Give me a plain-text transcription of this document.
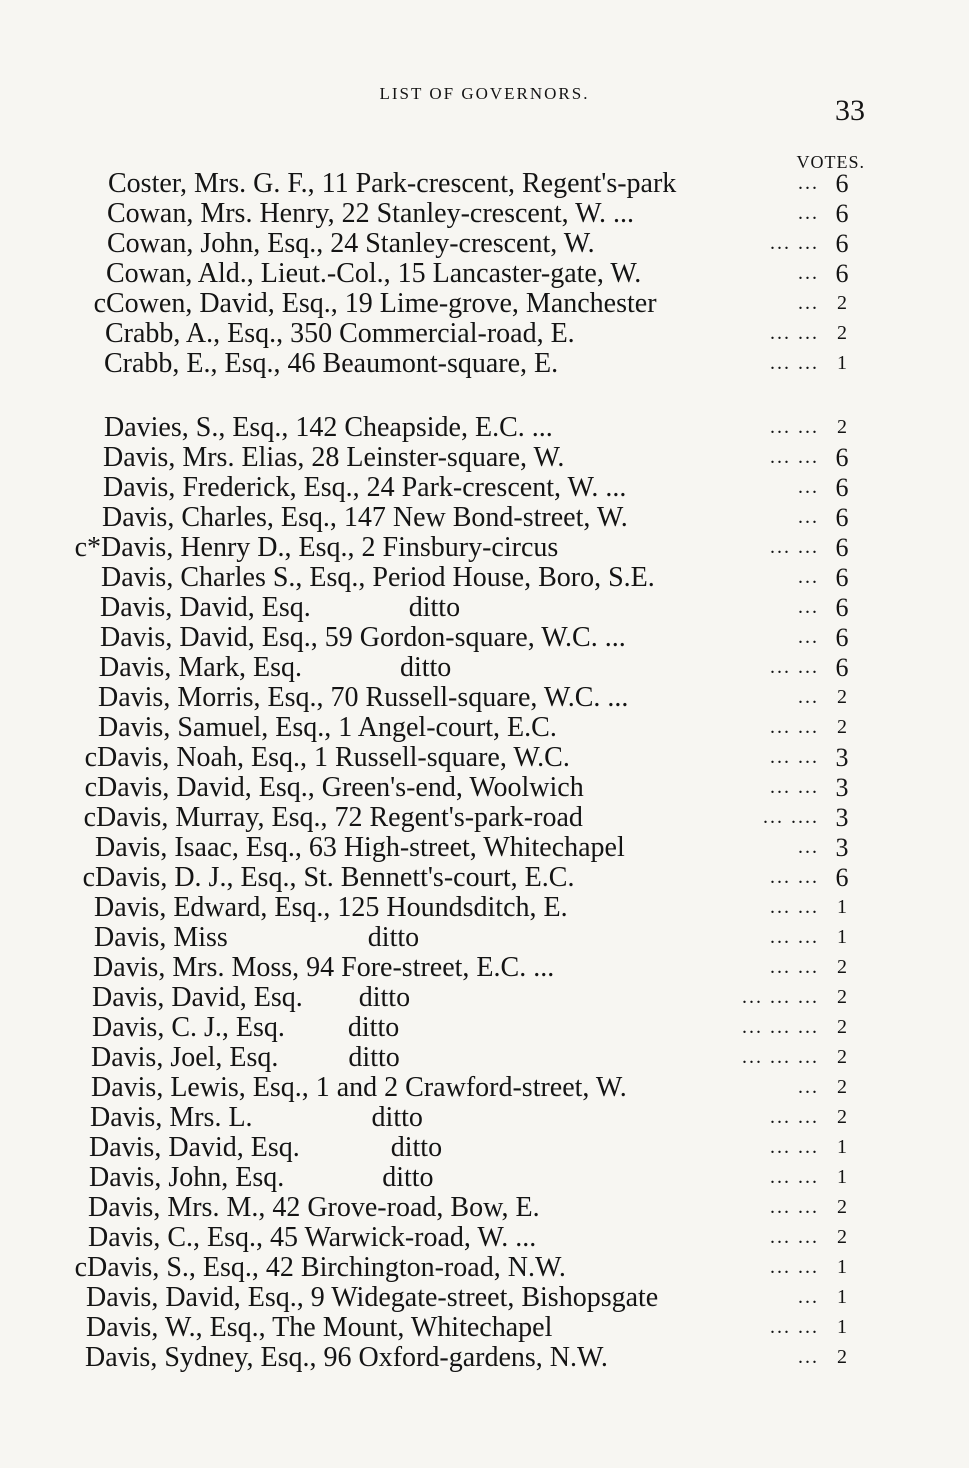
LIST OF GOVERNORS.
33
VOTES.
Coster, Mrs. G. F., 11 Park-crescent, Regent's-park	... 6
Cowan, Mrs. Henry, 22 Stanley-crescent, W. ...	... 6
Cowan, John, Esq., 24 Stanley-crescent, W.	... ... 6
Cowan, Ald., Lieut.-Col., 15 Lancaster-gate, W.	... 6
c Cowen, David, Esq., 19 Lime-grove, Manchester	... 2
Crabb, A., Esq., 350 Commercial-road, E.	... ... 2
Crabb, E., Esq., 46 Beaumont-square, E.	... ... 1
Davies, S., Esq., 142 Cheapside, E.C. ...	... ... 2
Davis, Mrs. Elias, 28 Leinster-square, W.	... ... 6
Davis, Frederick, Esq., 24 Park-crescent, W. ...	... 6
Davis, Charles, Esq., 147 New Bond-street, W.	... 6
c* Davis, Henry D., Esq., 2 Finsbury-circus	... ... 6
Davis, Charles S., Esq., Period House, Boro, S.E.	... 6
Davis, David, Esq.              ditto	... 6
Davis, David, Esq., 59 Gordon-square, W.C. ...	... 6
Davis, Mark, Esq.              ditto	... ... 6
Davis, Morris, Esq., 70 Russell-square, W.C. ...	... 2
Davis, Samuel, Esq., 1 Angel-court, E.C.	... ... 2
c Davis, Noah, Esq., 1 Russell-square, W.C.	... ... 3
c Davis, David, Esq., Green's-end, Woolwich	... ... 3
c Davis, Murray, Esq., 72 Regent's-park-road	... .... 3
Davis, Isaac, Esq., 63 High-street, Whitechapel	... 3
c Davis, D. J., Esq., St. Bennett's-court, E.C.	... ... 6
Davis, Edward, Esq., 125 Houndsditch, E.	... ... 1
Davis, Miss                    ditto	... ... 1
Davis, Mrs. Moss, 94 Fore-street, E.C. ...	... ... 2
Davis, David, Esq.        ditto	... ... ... 2
Davis, C. J., Esq.         ditto	... ... ... 2
Davis, Joel, Esq.          ditto	... ... ... 2
Davis, Lewis, Esq., 1 and 2 Crawford-street, W.	... 2
Davis, Mrs. L.                 ditto	... ... 2
Davis, David, Esq.             ditto	... ... 1
Davis, John, Esq.              ditto	... ... 1
Davis, Mrs. M., 42 Grove-road, Bow, E.	... ... 2
Davis, C., Esq., 45 Warwick-road, W. ...	... ... 2
c Davis, S., Esq., 42 Birchington-road, N.W.	... ... 1
Davis, David, Esq., 9 Widegate-street, Bishopsgate	... 1
Davis, W., Esq., The Mount, Whitechapel	... ... 1
Davis, Sydney, Esq., 96 Oxford-gardens, N.W.	... 2
